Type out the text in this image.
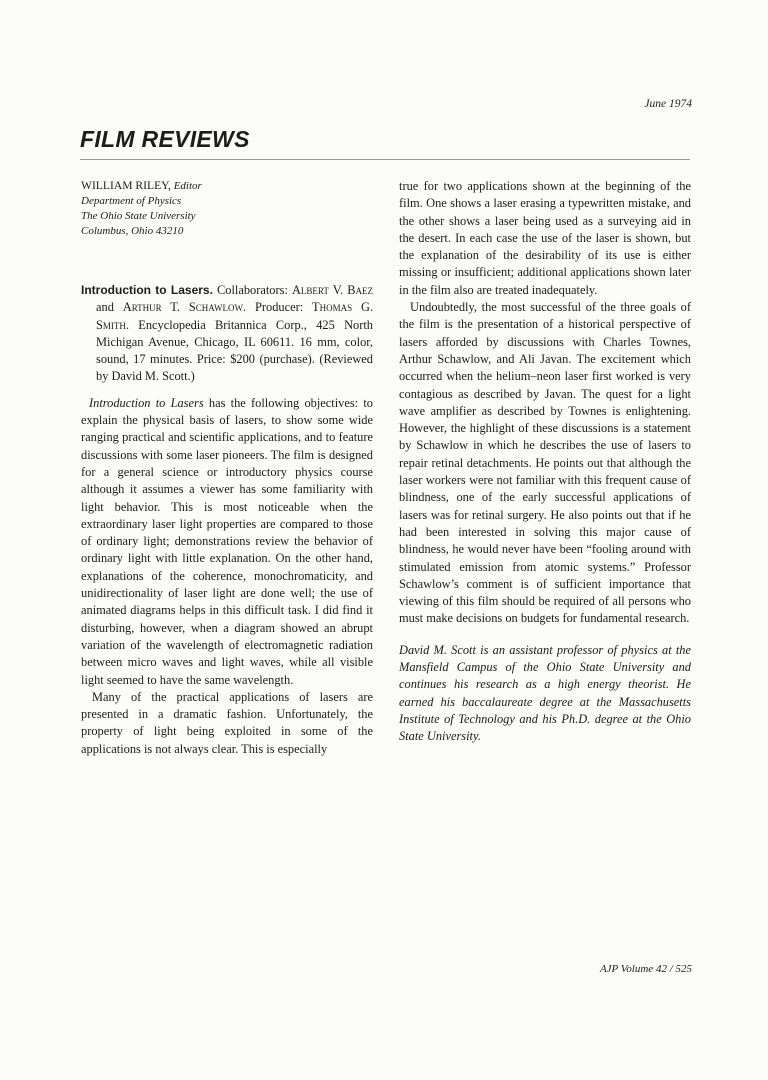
June 1974
FILM REVIEWS
WILLIAM RILEY, Editor
Department of Physics
The Ohio State University
Columbus, Ohio 43210
Introduction to Lasers. Collaborators: Albert V. Baez and Arthur T. Schawlow. Producer: Thomas G. Smith. Encyclopedia Britannica Corp., 425 North Michigan Avenue, Chicago, IL 60611. 16 mm, color, sound, 17 minutes. Price: $200 (purchase). (Reviewed by David M. Scott.)

Introduction to Lasers has the following objectives: to explain the physical basis of lasers, to show some wide ranging practical and scientific applications, and to feature discussions with some laser pioneers. The film is designed for a general science or introductory physics course although it assumes a viewer has some familiarity with light behavior. This is most noticeable when the extraordinary laser light properties are compared to those of ordinary light; demonstrations review the behavior of ordinary light with little explanation. On the other hand, explanations of the coherence, monochromaticity, and unidirectionality of laser light are done well; the use of animated diagrams helps in this difficult task. I did find it disturbing, however, when a diagram showed an abrupt variation of the wavelength of electromagnetic radiation between micro waves and light waves, while all visible light seemed to have the same wavelength.

Many of the practical applications of lasers are presented in a dramatic fashion. Unfortunately, the property of light being exploited in some of the applications is not always clear. This is especially

true for two applications shown at the beginning of the film. One shows a laser erasing a typewritten mistake, and the other shows a laser being used as a surveying aid in the desert. In each case the use of the laser is shown, but the explanation of the desirability of its use is either missing or insufficient; additional applications shown later in the film also are treated inadequately.

Undoubtedly, the most successful of the three goals of the film is the presentation of a historical perspective of lasers afforded by discussions with Charles Townes, Arthur Schawlow, and Ali Javan. The excitement which occurred when the helium–neon laser first worked is very contagious as described by Javan. The quest for a light wave amplifier as described by Townes is enlightening. However, the highlight of these discussions is a statement by Schawlow in which he describes the use of lasers to repair retinal detachments. He points out that although the laser workers were not familiar with this frequent cause of blindness, one of the early successful applications of lasers was for retinal surgery. He also points out that if he had been interested in solving this major cause of blindness, he would never have been “fooling around with stimulated emission from atomic systems.” Professor Schawlow’s comment is of sufficient importance that viewing of this film should be required of all persons who must make decisions on budgets for fundamental research.

David M. Scott is an assistant professor of physics at the Mansfield Campus of the Ohio State University and continues his research as a high energy theorist. He earned his baccalaureate degree at the Massachusetts Institute of Technology and his Ph.D. degree at the Ohio State University.

AJP Volume 42 / 525
